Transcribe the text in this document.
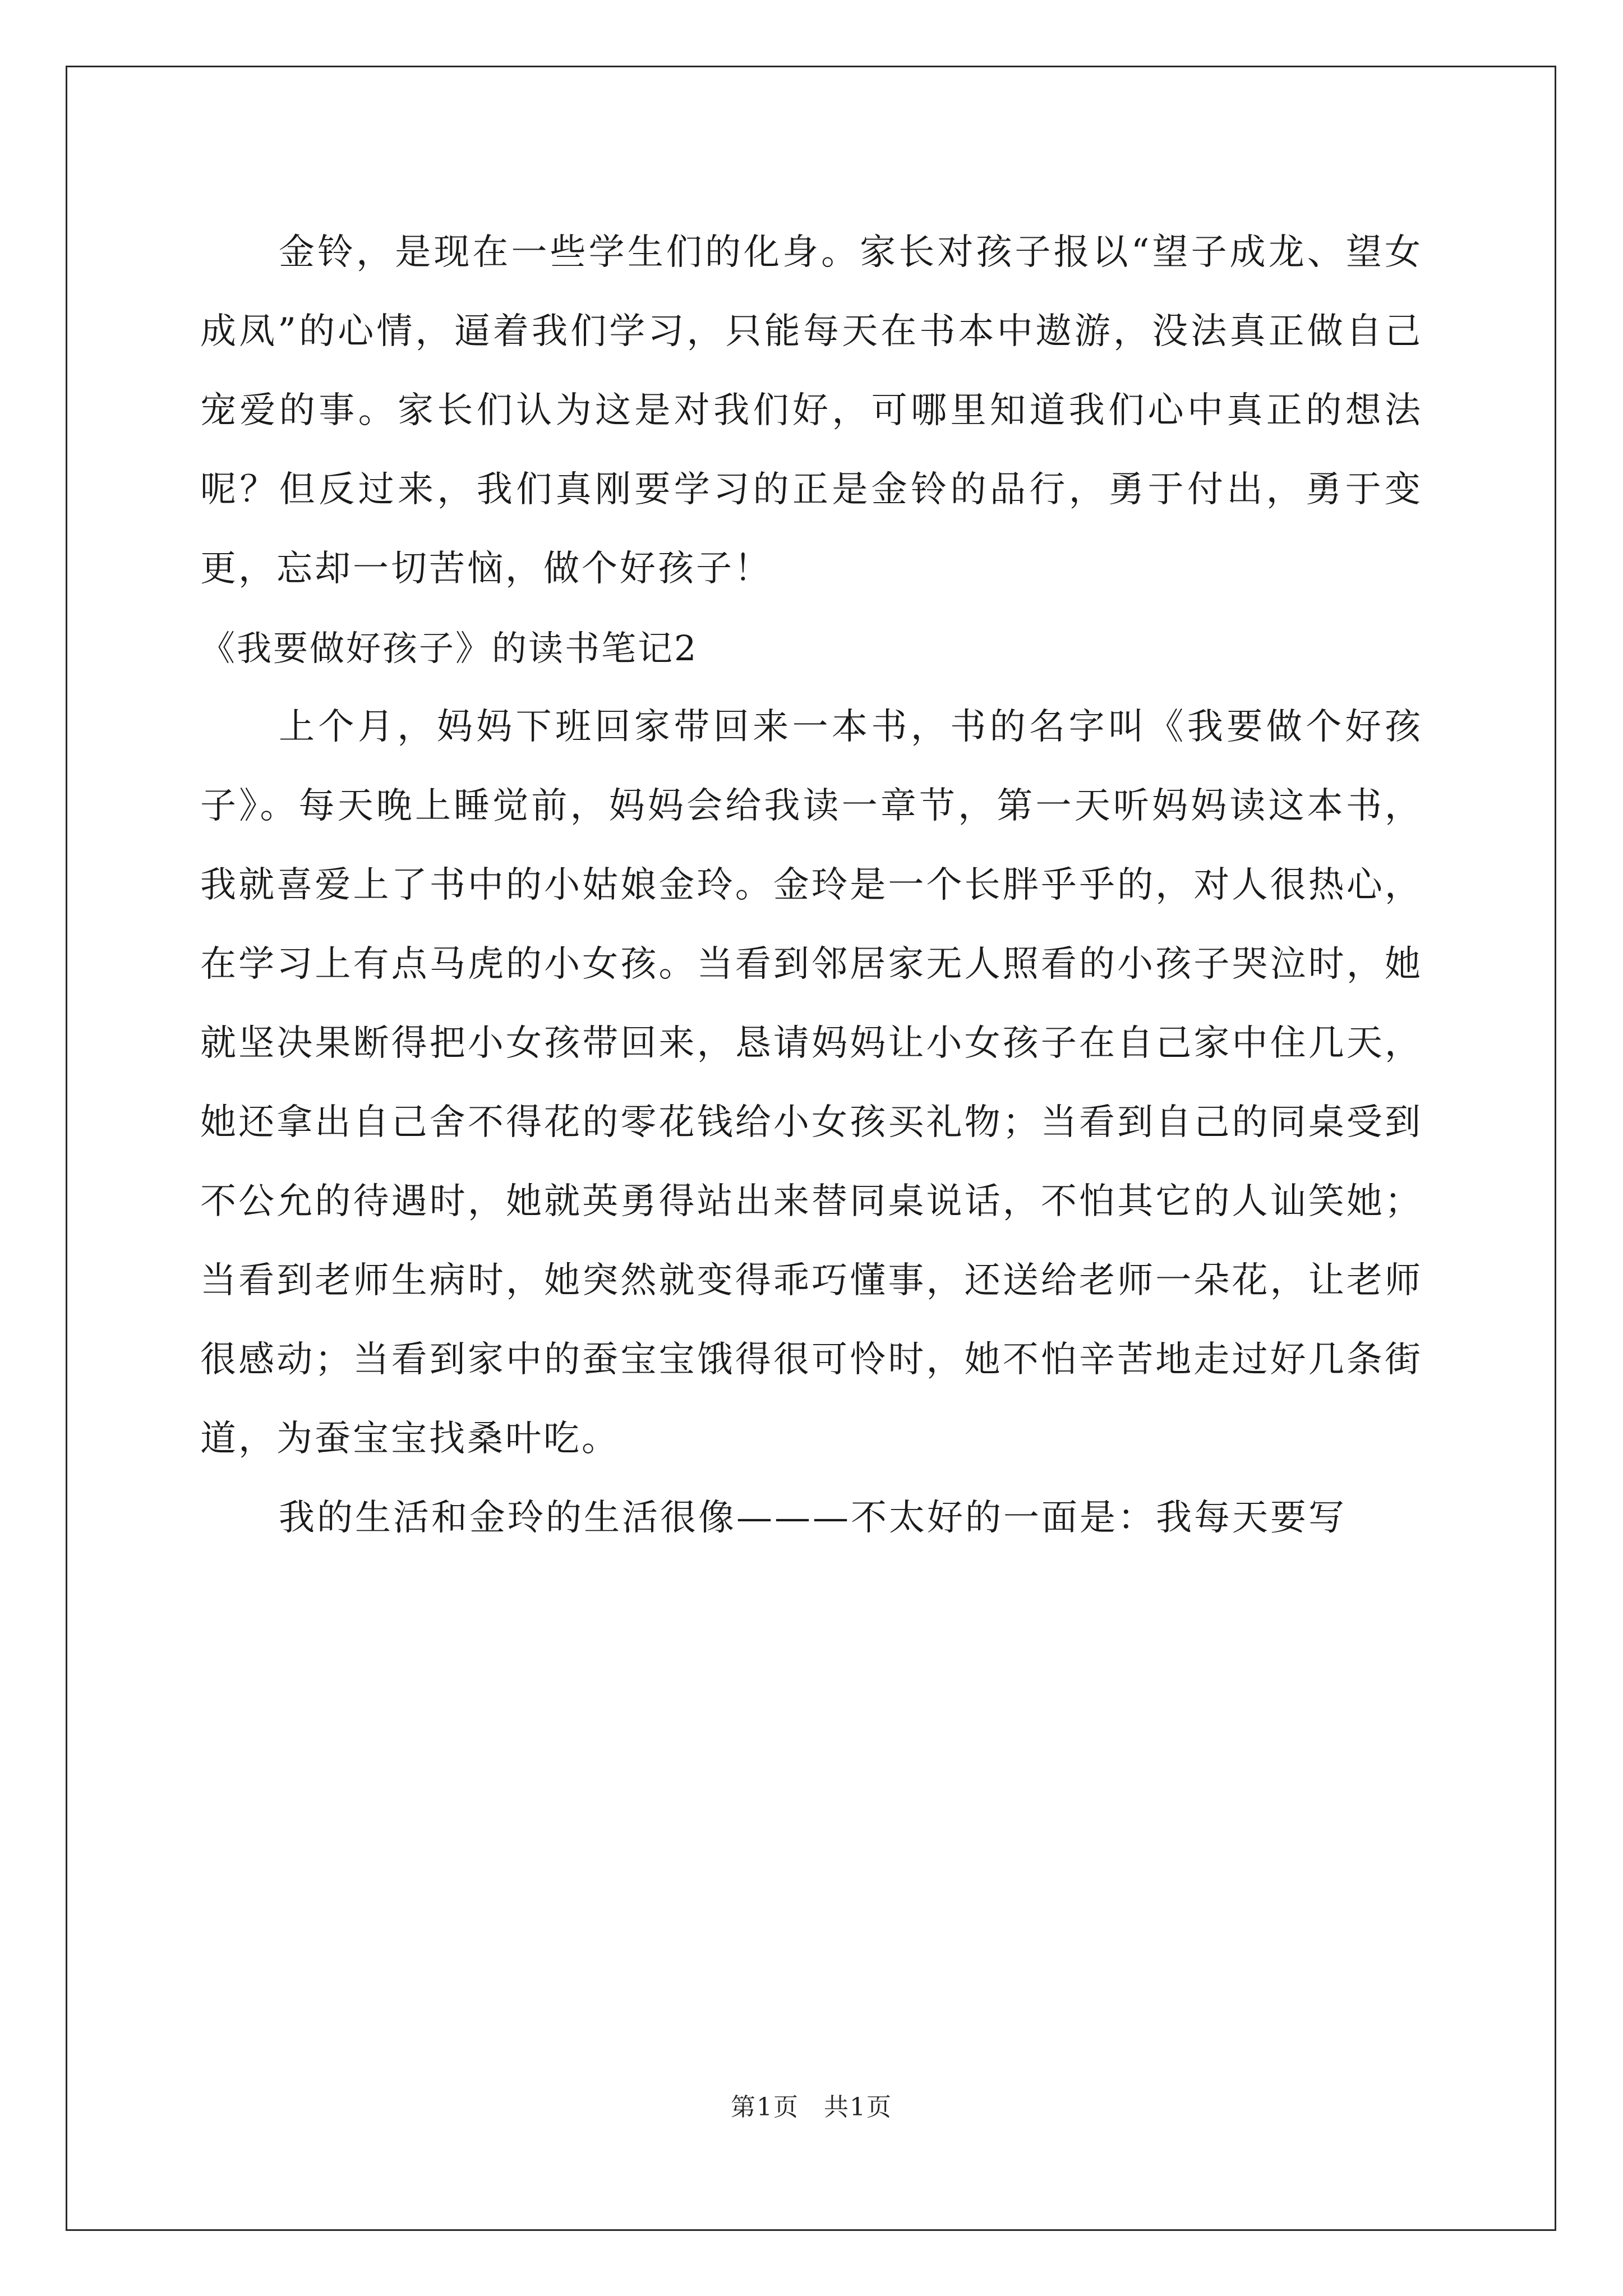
金铃，是现在一些学生们的化身。家长对孩子报以“望子成龙、望女成凤”的心情，逼着我们学习，只能每天在书本中遨游，没法真正做自己宠爱的事。家长们认为这是对我们好，可哪里知道我们心中真正的想法呢？但反过来，我们真刚要学习的正是金铃的品行，勇于付出，勇于变更，忘却一切苦恼，做个好孩子！

《我要做好孩子》的读书笔记2

上个月，妈妈下班回家带回来一本书，书的名字叫《我要做个好孩子》。每天晚上睡觉前，妈妈会给我读一章节，第一天听妈妈读这本书，我就喜爱上了书中的小姑娘金玲。金玲是一个长胖乎乎的，对人很热心，在学习上有点马虎的小女孩。当看到邻居家无人照看的小孩子哭泣时，她就坚决果断得把小女孩带回来，恳请妈妈让小女孩子在自己家中住几天，她还拿出自己舍不得花的零花钱给小女孩买礼物；当看到自己的同桌受到不公允的待遇时，她就英勇得站出来替同桌说话，不怕其它的人讪笑她；当看到老师生病时，她突然就变得乖巧懂事，还送给老师一朵花，让老师很感动；当看到家中的蚕宝宝饿得很可怜时，她不怕辛苦地走过好几条街道，为蚕宝宝找桑叶吃。

我的生活和金玲的生活很像———不太好的一面是：我每天要写

第1页 共1页
